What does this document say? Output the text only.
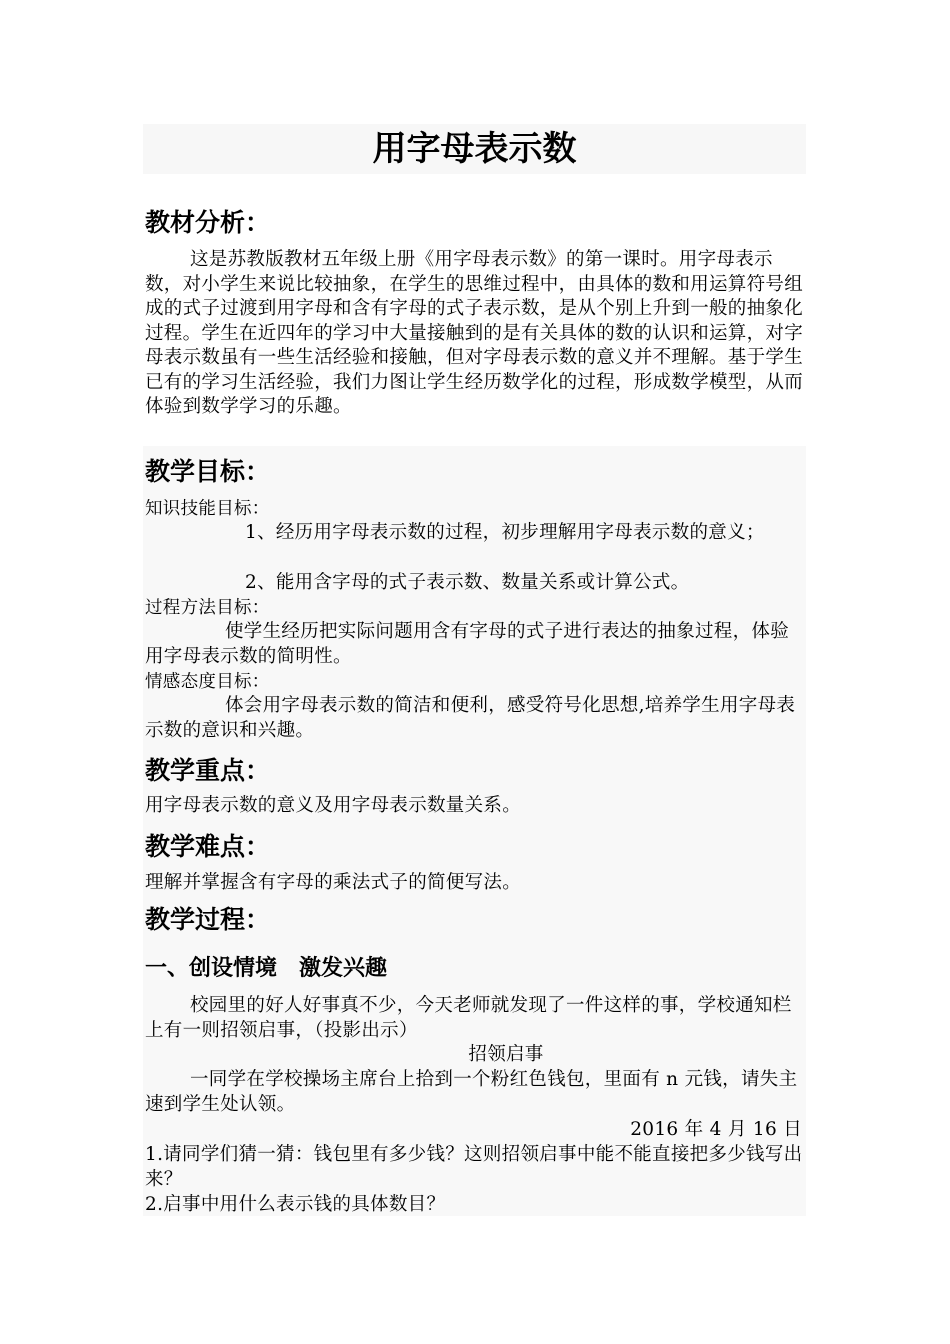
用字母表示数
教材分析：

这是苏教版教材五年级上册《用字母表示数》的第一课时。用字母表示数，对小学生来说比较抽象，在学生的思维过程中，由具体的数和用运算符号组成的式子过渡到用字母和含有字母的式子表示数，是从个别上升到一般的抽象化过程。学生在近四年的学习中大量接触到的是有关具体的数的认识和运算，对字母表示数虽有一些生活经验和接触，但对字母表示数的意义并不理解。基于学生已有的学习生活经验，我们力图让学生经历数学化的过程，形成数学模型，从而体验到数学学习的乐趣。

教学目标：
知识技能目标：

1、经历用字母表示数的过程，初步理解用字母表示数的意义；

2、能用含字母的式子表示数、数量关系或计算公式。

过程方法目标：

使学生经历把实际问题用含有字母的式子进行表达的抽象过程，体验用字母表示数的简明性。

情感态度目标：

体会用字母表示数的简洁和便利，感受符号化思想,培养学生用字母表示数的意识和兴趣。

教学重点：

用字母表示数的意义及用字母表示数量关系。

教学难点：

理解并掌握含有字母的乘法式子的简便写法。

教学过程：
一、创设情境　激发兴趣

校园里的好人好事真不少，今天老师就发现了一件这样的事，学校通知栏上有一则招领启事，（投影出示）

招领启事

一同学在学校操场主席台上拾到一个粉红色钱包，里面有 n 元钱，请失主速到学生处认领。

2016 年 4 月 16 日

1.请同学们猜一猜：钱包里有多少钱？这则招领启事中能不能直接把多少钱写出来？

2.启事中用什么表示钱的具体数目？
